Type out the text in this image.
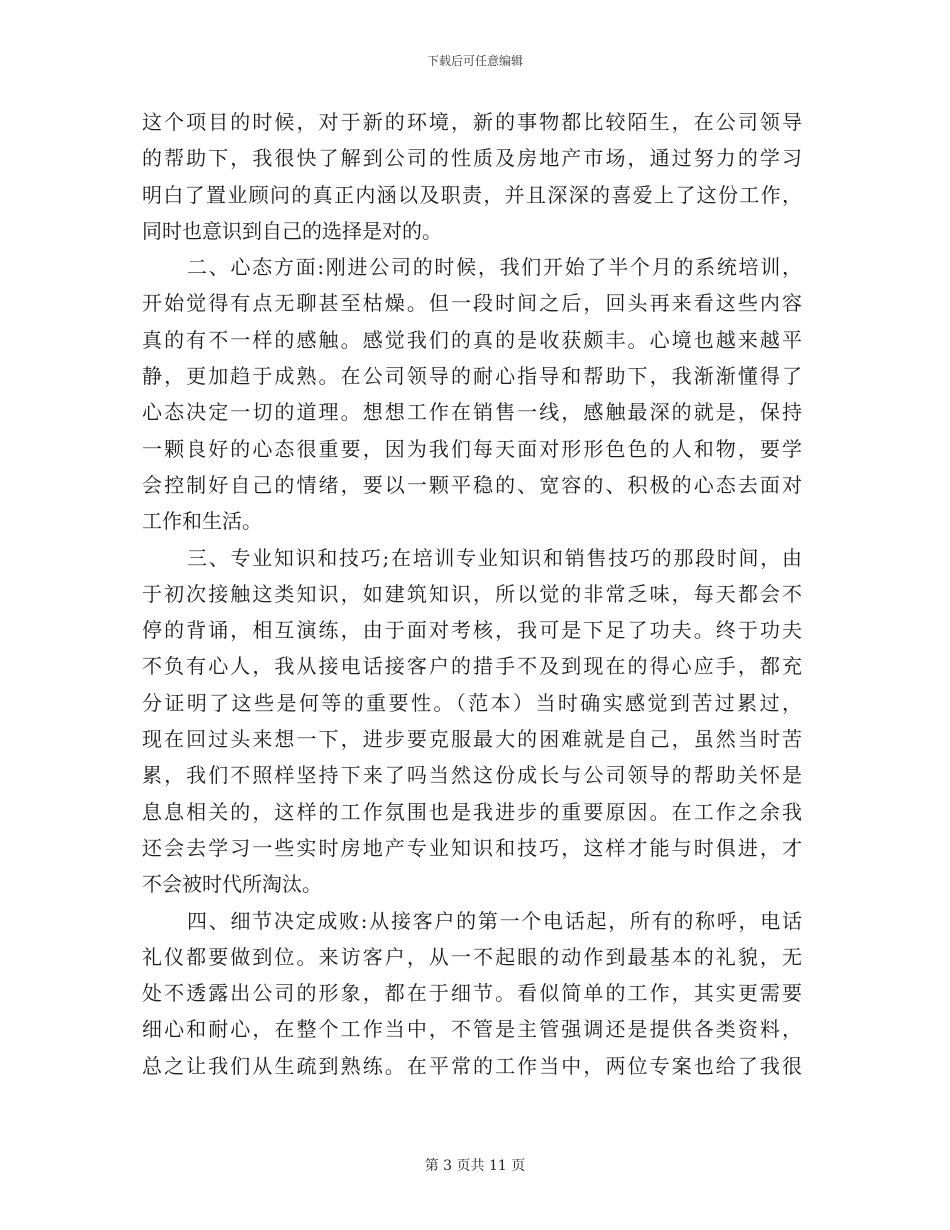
下载后可任意编辑
这个项目的时候，对于新的环境，新的事物都比较陌生，在公司领导
的帮助下，我很快了解到公司的性质及房地产市场，通过努力的学习
明白了置业顾问的真正内涵以及职责，并且深深的喜爱上了这份工作，
同时也意识到自己的选择是对的。
二、心态方面:刚进公司的时候，我们开始了半个月的系统培训，
开始觉得有点无聊甚至枯燥。但一段时间之后，回头再来看这些内容
真的有不一样的感触。感觉我们的真的是收获颇丰。心境也越来越平
静，更加趋于成熟。在公司领导的耐心指导和帮助下，我渐渐懂得了
心态决定一切的道理。想想工作在销售一线，感触最深的就是，保持
一颗良好的心态很重要，因为我们每天面对形形色色的人和物，要学
会控制好自己的情绪，要以一颗平稳的、宽容的、积极的心态去面对
工作和生活。
三、专业知识和技巧;在培训专业知识和销售技巧的那段时间，由
于初次接触这类知识，如建筑知识，所以觉的非常乏味，每天都会不
停的背诵，相互演练，由于面对考核，我可是下足了功夫。终于功夫
不负有心人，我从接电话接客户的措手不及到现在的得心应手，都充
分证明了这些是何等的重要性。（范本）当时确实感觉到苦过累过，
现在回过头来想一下，进步要克服最大的困难就是自己，虽然当时苦
累，我们不照样坚持下来了吗当然这份成长与公司领导的帮助关怀是
息息相关的，这样的工作氛围也是我进步的重要原因。在工作之余我
还会去学习一些实时房地产专业知识和技巧，这样才能与时俱进，才
不会被时代所淘汰。
四、细节决定成败:从接客户的第一个电话起，所有的称呼，电话
礼仪都要做到位。来访客户，从一不起眼的动作到最基本的礼貌，无
处不透露出公司的形象，都在于细节。看似简单的工作，其实更需要
细心和耐心，在整个工作当中，不管是主管强调还是提供各类资料，
总之让我们从生疏到熟练。在平常的工作当中，两位专案也给了我很
第 3 页共 11 页
